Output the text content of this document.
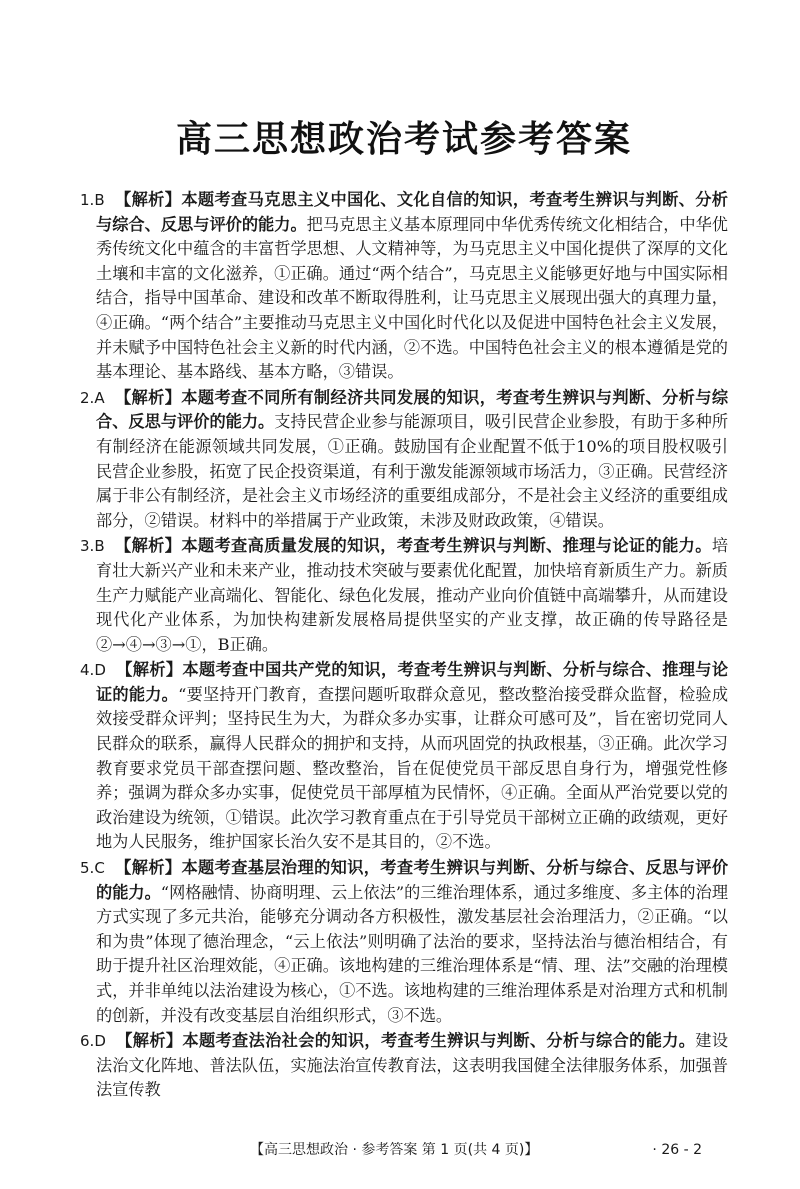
高三思想政治考试参考答案

1.B 【解析】本题考查马克思主义中国化、文化自信的知识，考查考生辨识与判断、分析与综合、反思与评价的能力。把马克思主义基本原理同中华优秀传统文化相结合，中华优秀传统文化中蕴含的丰富哲学思想、人文精神等，为马克思主义中国化提供了深厚的文化土壤和丰富的文化滋养，①正确。通过“两个结合”，马克思主义能够更好地与中国实际相结合，指导中国革命、建设和改革不断取得胜利，让马克思主义展现出强大的真理力量，④正确。“两个结合”主要推动马克思主义中国化时代化以及促进中国特色社会主义发展，并未赋予中国特色社会主义新的时代内涵，②不选。中国特色社会主义的根本遵循是党的基本理论、基本路线、基本方略，③错误。

2.A 【解析】本题考查不同所有制经济共同发展的知识，考查考生辨识与判断、分析与综合、反思与评价的能力。支持民营企业参与能源项目，吸引民营企业参股，有助于多种所有制经济在能源领域共同发展，①正确。鼓励国有企业配置不低于10%的项目股权吸引民营企业参股，拓宽了民企投资渠道，有利于激发能源领域市场活力，③正确。民营经济属于非公有制经济，是社会主义市场经济的重要组成部分，不是社会主义经济的重要组成部分，②错误。材料中的举措属于产业政策，未涉及财政政策，④错误。

3.B 【解析】本题考查高质量发展的知识，考查考生辨识与判断、推理与论证的能力。培育壮大新兴产业和未来产业，推动技术突破与要素优化配置，加快培育新质生产力。新质生产力赋能产业高端化、智能化、绿色化发展，推动产业向价值链中高端攀升，从而建设现代化产业体系，为加快构建新发展格局提供坚实的产业支撑，故正确的传导路径是②→④→③→①，B正确。

4.D 【解析】本题考查中国共产党的知识，考查考生辨识与判断、分析与综合、推理与论证的能力。“要坚持开门教育，查摆问题听取群众意见，整改整治接受群众监督，检验成效接受群众评判；坚持民生为大，为群众多办实事，让群众可感可及”，旨在密切党同人民群众的联系，赢得人民群众的拥护和支持，从而巩固党的执政根基，③正确。此次学习教育要求党员干部查摆问题、整改整治，旨在促使党员干部反思自身行为，增强党性修养；强调为群众多办实事，促使党员干部厚植为民情怀，④正确。全面从严治党要以党的政治建设为统领，①错误。此次学习教育重点在于引导党员干部树立正确的政绩观，更好地为人民服务，维护国家长治久安不是其目的，②不选。

5.C 【解析】本题考查基层治理的知识，考查考生辨识与判断、分析与综合、反思与评价的能力。“网格融情、协商明理、云上依法”的三维治理体系，通过多维度、多主体的治理方式实现了多元共治，能够充分调动各方积极性，激发基层社会治理活力，②正确。“以和为贵”体现了德治理念，“云上依法”则明确了法治的要求，坚持法治与德治相结合，有助于提升社区治理效能，④正确。该地构建的三维治理体系是“情、理、法”交融的治理模式，并非单纯以法治建设为核心，①不选。该地构建的三维治理体系是对治理方式和机制的创新，并没有改变基层自治组织形式，③不选。

6.D 【解析】本题考查法治社会的知识，考查考生辨识与判断、分析与综合的能力。建设法治文化阵地、普法队伍，实施法治宣传教育法，这表明我国健全法律服务体系，加强普法宣传教

【高三思想政治 · 参考答案 第 1 页(共 4 页)】	· 26 - 2
